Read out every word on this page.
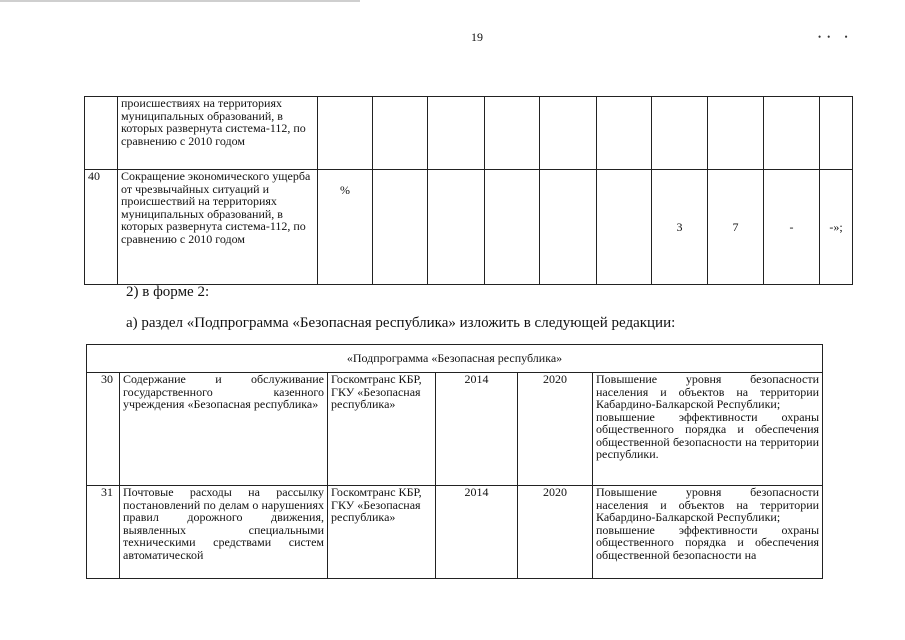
19	•• •
	происшествиях на территориях муниципальных образований, в которых развернута система-112, по сравнению с 2010 годом										
40	Сокращение экономического ущерба от чрезвычайных ситуаций и происшествий на территориях муниципальных образований, в которых развернута система-112, по сравнению с 2010 годом	%						3	7	-	-»;
2) в форме 2:
а) раздел «Подпрограмма «Безопасная республика» изложить в следующей редакции:
«Подпрограмма «Безопасная республика»					
30	Содержание и обслуживание государственного казенного учреждения «Безопасная республика»	Госкомтранс КБР, ГКУ «Безопасная республика»	2014	2020	Повышение уровня безопасности населения и объектов на территории Кабардино-Балкарской Республики;
повышение эффективности охраны общественного порядка и обеспечения общественной безопасности на территории республики.

31	Почтовые расходы на рассылку постановлений по делам о нарушениях правил дорожного движения, выявленных специальными техническими средствами систем автоматической	Госкомтранс КБР, ГКУ «Безопасная республика»	2014	2020	Повышение уровня безопасности населения и объектов на территории Кабардино-Балкарской Республики;
повышение эффективности охраны общественного порядка и обеспечения общественной безопасности на
